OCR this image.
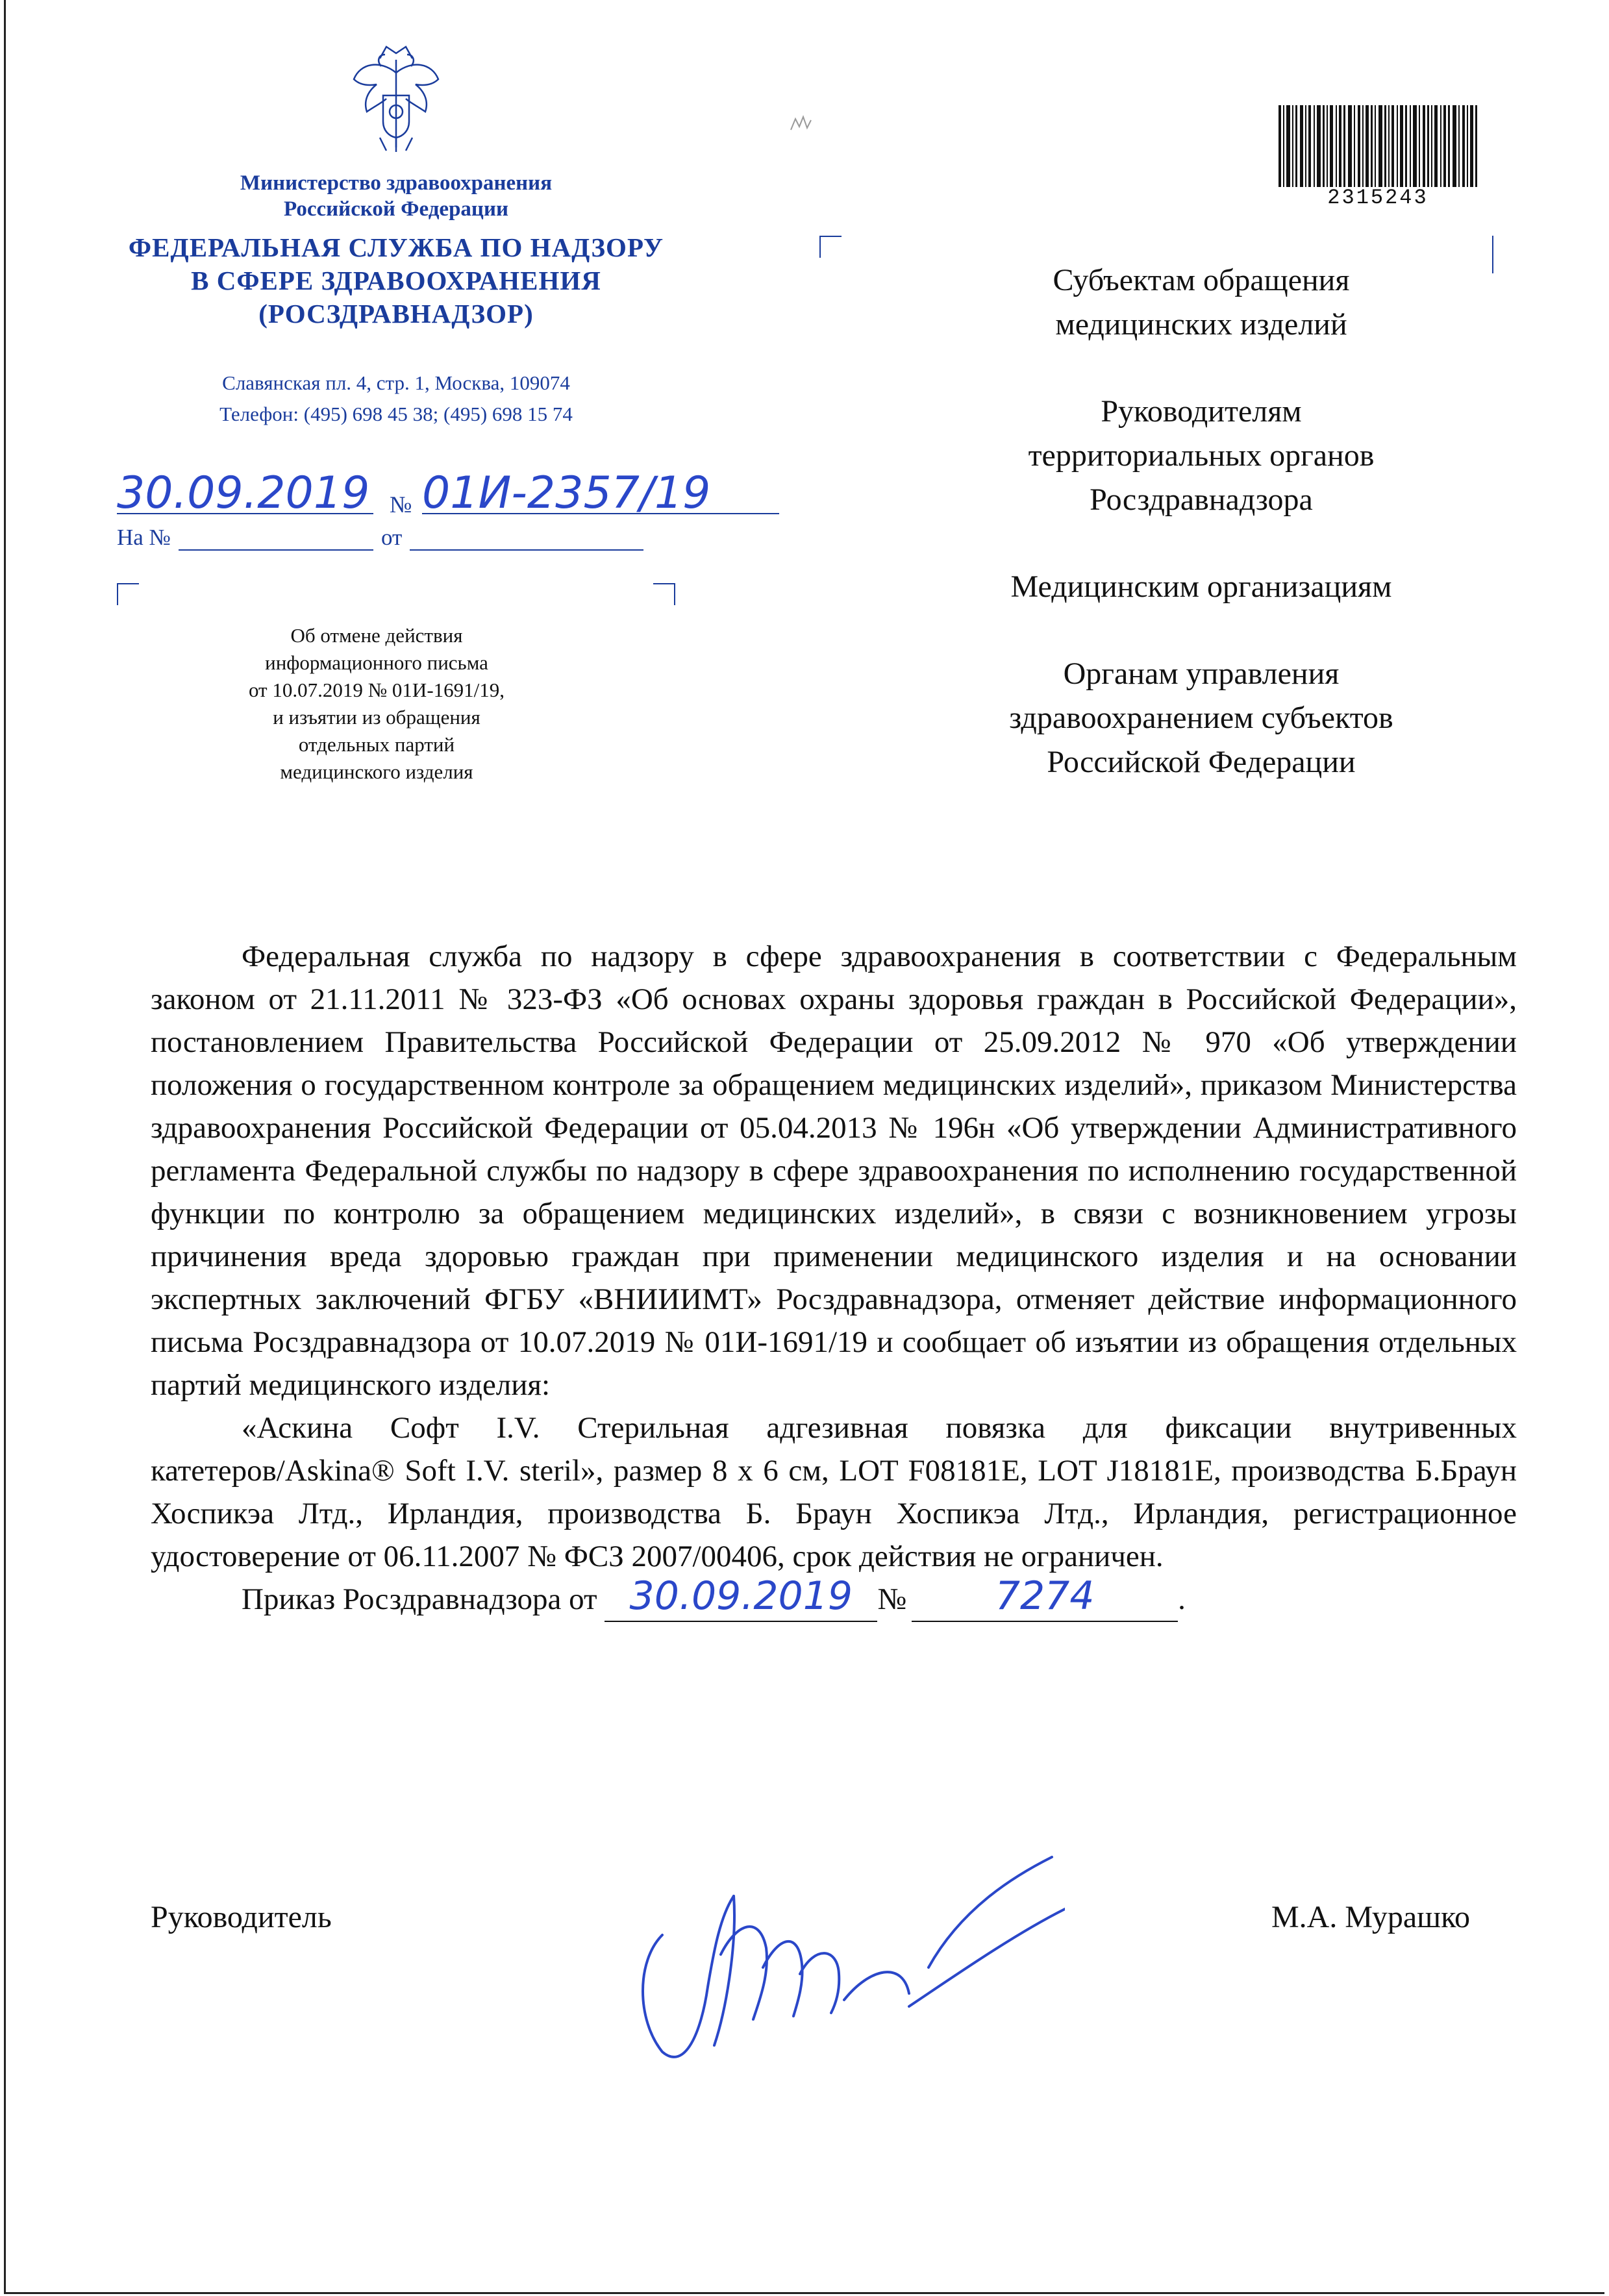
Министерство здравоохранения
Российской Федерации
ФЕДЕРАЛЬНАЯ СЛУЖБА ПО НАДЗОРУ
В СФЕРЕ ЗДРАВООХРАНЕНИЯ
(РОСЗДРАВНАДЗОР)
Славянская пл. 4, стр. 1, Москва, 109074
Телефон: (495) 698 45 38; (495) 698 15 74
30.09.2019 № 01И-2357/19
На №	от
Об отмене действия
информационного письма
от 10.07.2019 № 01И-1691/19,
и изъятии из обращения
отдельных партий
медицинского изделия
2315243
Субъектам обращения
медицинских изделий
Руководителям
территориальных органов
Росздравнадзора
Медицинским организациям
Органам управления
здравоохранением субъектов
Российской Федерации

Федеральная служба по надзору в сфере здравоохранения в соответствии с Федеральным законом от 21.11.2011 № 323-ФЗ «Об основах охраны здоровья граждан в Российской Федерации», постановлением Правительства Российской Федерации от 25.09.2012 № 970 «Об утверждении положения о государственном контроле за обращением медицинских изделий», приказом Министерства здравоохранения Российской Федерации от 05.04.2013 № 196н «Об утверждении Административного регламента Федеральной службы по надзору в сфере здравоохранения по исполнению государственной функции по контролю за обращением медицинских изделий», в связи с возникновением угрозы причинения вреда здоровью граждан при применении медицинского изделия и на основании экспертных заключений ФГБУ «ВНИИИМТ» Росздравнадзора, отменяет действие информационного письма Росздравнадзора от 10.07.2019 № 01И-1691/19 и сообщает об изъятии из обращения отдельных партий медицинского изделия:

«Аскина Софт I.V. Стерильная адгезивная повязка для фиксации внутривенных катетеров/Askina® Soft I.V. steril», размер 8 х 6 см, LOT F08181E, LOT J18181E, производства Б.Браун Хоспикэа Лтд., Ирландия, производства Б. Браун Хоспикэа Лтд., Ирландия, регистрационное удостоверение от 06.11.2007 № ФСЗ 2007/00406, срок действия не ограничен.

Приказ Росздравнадзора от 30.09.2019 № 7274	.

Руководитель	М.А. Мурашко
